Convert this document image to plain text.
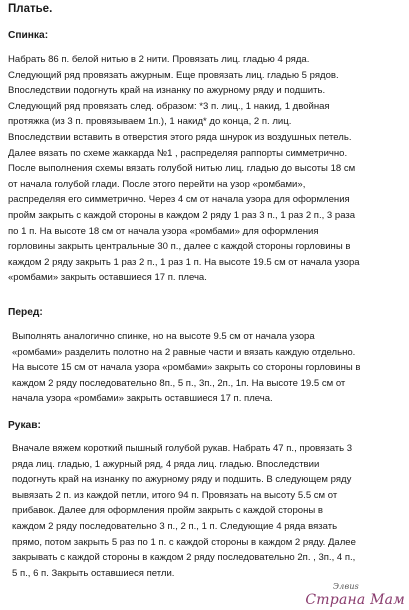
Платье.
Спинка:
Набрать 86 п. белой нитью в 2 нити. Провязать лиц. гладью 4 ряда.
Следующий ряд провязать ажурным. Еще провязать лиц. гладью 5 рядов.
Впоследствии подогнуть край на изнанку по ажурному ряду и подшить.
Следующий ряд провязать след. образом: *3 п. лиц., 1 накид, 1 двойная
протяжка (из 3 п. провязываем 1п.), 1 накид* до конца, 2 п. лиц.
Впоследствии вставить в отверстия этого ряда шнурок из воздушных петель.
Далее вязать по схеме жаккарда №1 , распределяя раппорты симметрично.
После выполнения схемы вязать голубой нитью лиц. гладью до высоты 18 см
от начала голубой глади. После этого перейти на узор «ромбами»,
распределяя его симметрично. Через 4 см от начала узора для оформления
пройм закрыть с каждой стороны в каждом 2 ряду 1 раз 3 п., 1 раз 2 п., 3 раза
по 1 п. На высоте 18 см от начала узора «ромбами» для оформления
горловины закрыть центральные 30 п., далее с каждой стороны горловины в
каждом 2 ряду закрыть 1 раз 2 п., 1 раз 1 п. На высоте 19.5 см от начала узора
«ромбами» закрыть оставшиеся 17 п. плеча.
Перед:
Выполнять аналогично спинке, но на высоте 9.5 см от начала узора
«ромбами» разделить полотно на 2 равные части и вязать каждую отдельно.
На высоте 15 см от начала узора «ромбами» закрыть со стороны горловины в
каждом 2 ряду последовательно 8п., 5 п., 3п., 2п., 1п. На высоте 19.5 см от
начала узора «ромбами» закрыть оставшиеся 17 п. плеча.
Рукав:
Вначале вяжем короткий пышный голубой рукав. Набрать 47 п., провязать 3
ряда лиц. гладью, 1 ажурный ряд, 4 ряда лиц. гладью. Впоследствии
подогнуть край на изнанку по ажурному ряду и подшить. В следующем ряду
вывязать 2 п. из каждой петли, итого 94 п. Провязать на высоту 5.5 см от
прибавок. Далее для оформления пройм закрыть с каждой стороны в
каждом 2 ряду последовательно 3 п., 2 п., 1 п. Следующие 4 ряда вязать
прямо, потом закрыть 5 раз по 1 п. с каждой стороны в каждом 2 ряду. Далее
закрывать с каждой стороны в каждом 2 ряду последовательно 2п. , 3п., 4 п.,
5 п., 6 п. Закрыть оставшиеся петли.
Элвиs
Страна Мам
